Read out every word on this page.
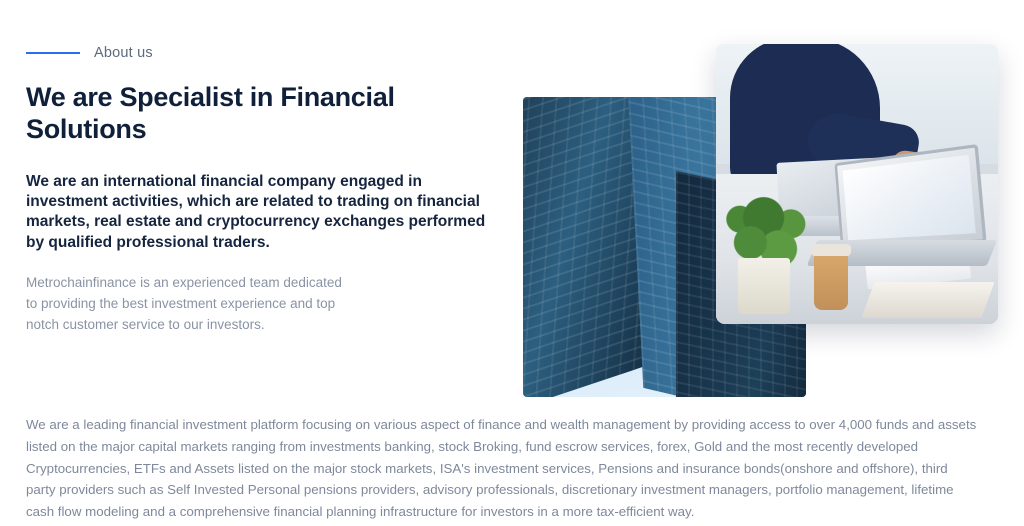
About us
We are Specialist in Financial Solutions

We are an international financial company engaged in investment activities, which are related to trading on financial markets, real estate and cryptocurrency exchanges performed by qualified professional traders.

Metrochainfinance is an experienced team dedicated to providing the best investment experience and top notch customer service to our investors.

We are a leading financial investment platform focusing on various aspect of finance and wealth management by providing access to over 4,000 funds and assets listed on the major capital markets ranging from investments banking, stock Broking, fund escrow services, forex, Gold and the most recently developed Cryptocurrencies, ETFs and Assets listed on the major stock markets, ISA's investment services, Pensions and insurance bonds(onshore and offshore), third party providers such as Self Invested Personal pensions providers, advisory professionals, discretionary investment managers, portfolio management, lifetime cash flow modeling and a comprehensive financial planning infrastructure for investors in a more tax-efficient way.
